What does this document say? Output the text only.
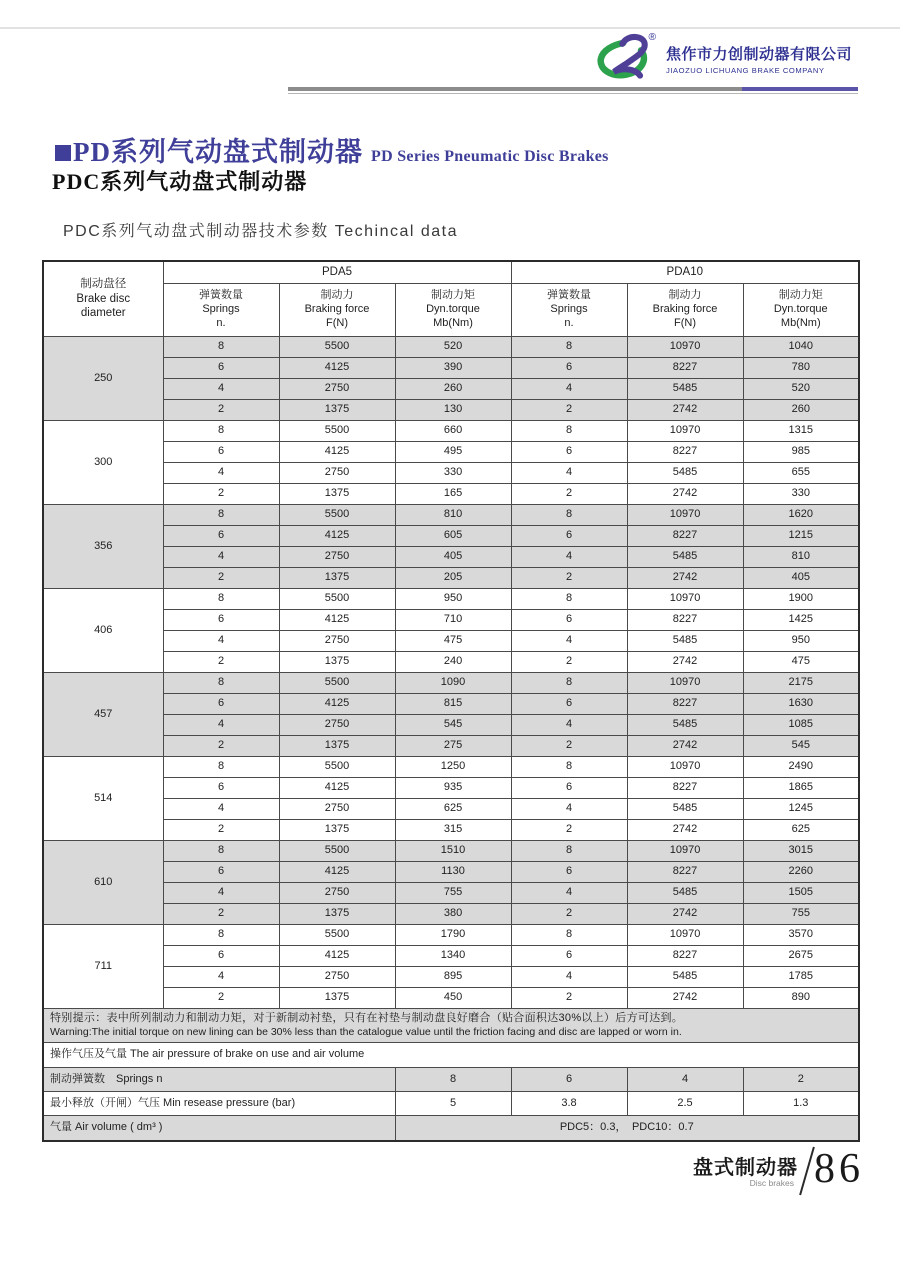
®
焦作市力创制动器有限公司
JIAOZUO LICHUANG BRAKE COMPANY
PD系列气动盘式制动器 PD Series Pneumatic Disc Brakes
PDC系列气动盘式制动器
PDC系列气动盘式制动器技术参数 Techincal data
制动盘径
Brake disc
diameter	PDA5			PDA10		

	弹簧数量
Springs
n.	制动力
Braking force
F(N)	制动力矩
Dyn.torque
Mb(Nm)	弹簧数量
Springs
n.	制动力
Braking force
F(N)	制动力矩
Dyn.torque
Mb(Nm)

250	8	5500	520	8	10970	1040
	6	4125	390	6	8227	780
	4	2750	260	4	5485	520
	2	1375	130	2	2742	260
300	8	5500	660	8	10970	1315
	6	4125	495	6	8227	985
	4	2750	330	4	5485	655
	2	1375	165	2	2742	330
356	8	5500	810	8	10970	1620
	6	4125	605	6	8227	1215
	4	2750	405	4	5485	810
	2	1375	205	2	2742	405
406	8	5500	950	8	10970	1900
	6	4125	710	6	8227	1425
	4	2750	475	4	5485	950
	2	1375	240	2	2742	475
457	8	5500	1090	8	10970	2175
	6	4125	815	6	8227	1630
	4	2750	545	4	5485	1085
	2	1375	275	2	2742	545
514	8	5500	1250	8	10970	2490
	6	4125	935	6	8227	1865
	4	2750	625	4	5485	1245
	2	1375	315	2	2742	625
610	8	5500	1510	8	10970	3015
	6	4125	1130	6	8227	2260
	4	2750	755	4	5485	1505
	2	1375	380	2	2742	755
711	8	5500	1790	8	10970	3570
	6	4125	1340	6	8227	2675
	4	2750	895	4	5485	1785
	2	1375	450	2	2742	890

特别提示：表中所列制动力和制动力矩，对于新制动衬垫，只有在衬垫与制动盘良好磨合（贴合面积达30%以上）后方可达到。
Warning:The initial torque on new lining can be 30% less than the catalogue value until the friction facing and disc are lapped or worn in.						

操作气压及气量 The air pressure of brake on use and air volume						
制动弹簧数　Springs n			8	6	4	2
最小释放（开闸）气压 Min resease pressure (bar)			5	3.8	2.5	1.3
气量 Air volume ( dm³ )			PDC5：0.3，　PDC10：0.7			
盘式制动器
Disc brakes 86
